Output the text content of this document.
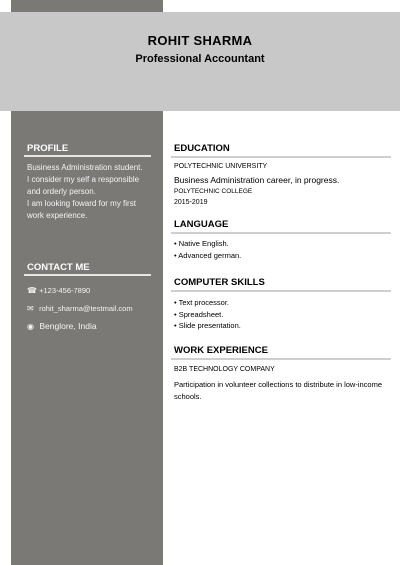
ROHIT SHARMA
Professional Accountant
PROFILE
Business Administration student.
I consider my self a responsible
and orderly person.
I am looking foward for my first
work experience.
CONTACT ME
☎ +123-456-7890
✉ rohit_sharma@testmail.com
◉ Benglore, India
EDUCATION
POLYTECHNIC UNIVERSITY
Business Administration career, in progress.
POLYTECHNIC COLLEGE
2015-2019
LANGUAGE
• Native English.
• Advanced german.
COMPUTER SKILLS
• Text processor.
• Spreadsheet.
• Slide presentation.
WORK EXPERIENCE
B2B TECHNOLOGY COMPANY
Participation in volunteer collections to distribute in low-income schools.
